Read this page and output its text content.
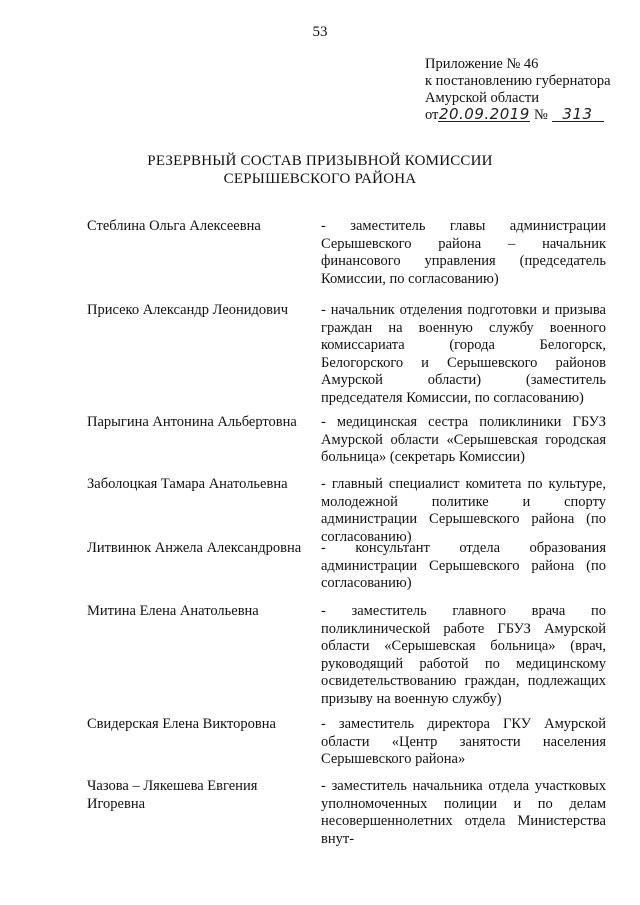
53
Приложение № 46
к постановлению губернатора
Амурской области
от20.09.2019 № 313
РЕЗЕРВНЫЙ СОСТАВ ПРИЗЫВНОЙ КОМИССИИ
СЕРЫШЕВСКОГО РАЙОНА
Стеблина Ольга Алексеевна	- заместитель главы администрации Серышевского района – начальник финансового управления (председатель Комиссии, по согласованию)
Присеко Александр Леонидович	- начальник отделения подготовки и призыва граждан на военную службу военного комиссариата (города Белогорск, Белогорского и Серышевского районов Амурской области) (заместитель председателя Комиссии, по согласованию)
Парыгина Антонина Альбертовна	- медицинская сестра поликлиники ГБУЗ Амурской области «Серышевская городская больница» (секретарь Комиссии)
Заболоцкая Тамара Анатольевна	- главный специалист комитета по культуре, молодежной политике и спорту администрации Серышевского района (по согласованию)
Литвинюк Анжела Александровна - консультант отдела образования администрации Серышевского района (по согласованию)
Митина Елена Анатольевна	- заместитель главного врача по поликлинической работе ГБУЗ Амурской области «Серышевская больница» (врач, руководящий работой по медицинскому освидетельствованию граждан, подлежащих призыву на военную службу)
Свидерская Елена Викторовна	- заместитель директора ГКУ Амурской области «Центр занятости населения Серышевского района»
Чазова – Лякешева Евгения Игоревна
- заместитель начальника отдела участковых уполномоченных полиции и по делам несовершеннолетних отдела Министерства внут-
